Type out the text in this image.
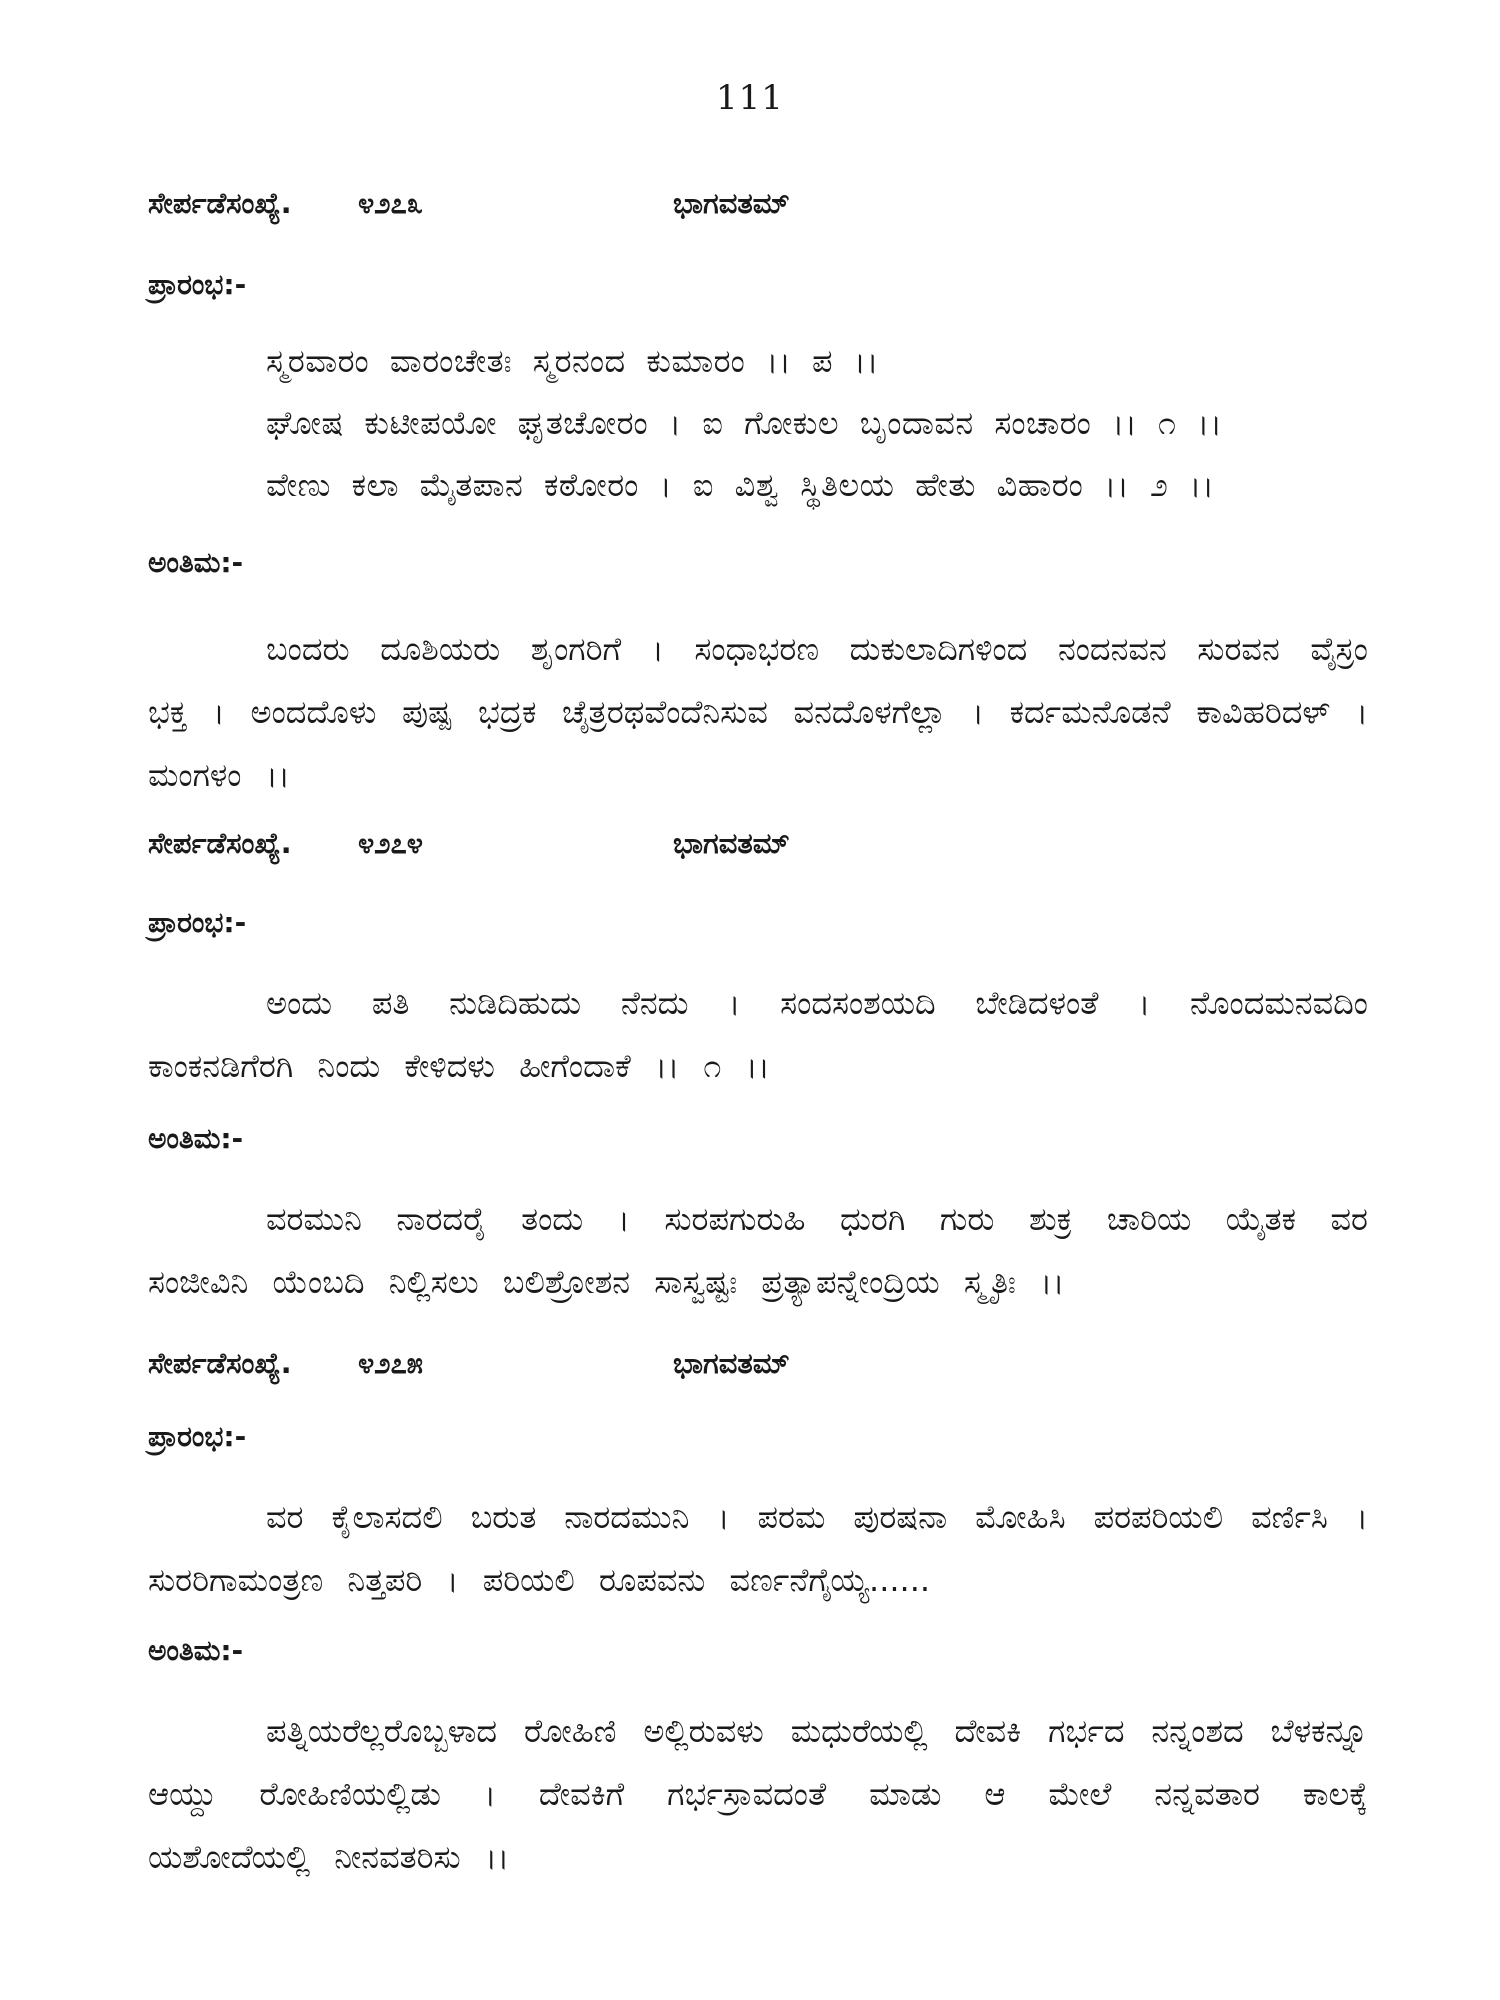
111
ಸೇರ್ಪಡೆಸಂಖ್ಯೆ. ೪೨೭೩	ಭಾಗವತಮ್
ಪ್ರಾರಂಭ:-
ಸ್ಮರವಾರಂ ವಾರಂಚೇತಃ ಸ್ಮರನಂದ ಕುಮಾರಂ ।। ಪ ।।
ಘೋಷ ಕುಟೀಪಯೋ ಘೃತಚೋರಂ । ಐ ಗೋಕುಲ ಬೃಂದಾವನ ಸಂಚಾರಂ ।। ೧ ।।
ವೇಣು ಕಲಾ ಮೈತಪಾನ ಕಠೋರಂ । ಐ ವಿಶ್ವ ಸ್ಥಿತಿಲಯ ಹೇತು ವಿಹಾರಂ ।। ೨ ।।
ಅಂತಿಮ:-

ಬಂದರು ದೂಶಿಯರು ಶೃಂಗರಿಗೆ । ಸಂಧಾಭರಣ ದುಕುಲಾದಿಗಳಿಂದ ನಂದನವನ ಸುರವನ ವೈಸ್ರಂ ಭಕ್ತ । ಅಂದದೊಳು ಪುಷ್ಪ ಭದ್ರಕ ಚೈತ್ರರಥವೆಂದೆನಿಸುವ ವನದೊಳಗೆಲ್ಲಾ । ಕರ್ದಮನೊಡನೆ ಕಾವಿಹರಿದಳ್ । ಮಂಗಳಂ ।।

ಸೇರ್ಪಡೆಸಂಖ್ಯೆ. ೪೨೭೪	ಭಾಗವತಮ್
ಪ್ರಾರಂಭ:-

ಅಂದು ಪತಿ ನುಡಿದಿಹುದು ನೆನದು । ಸಂದಸಂಶಯದಿ ಬೇಡಿದಳಂತೆ । ನೊಂದಮನವದಿಂ ಕಾಂಕನಡಿಗೆರಗಿ ನಿಂದು ಕೇಳಿದಳು ಹೀಗೆಂದಾಕೆ ।। ೧ ।।

ಅಂತಿಮ:-

ವರಮುನಿ ನಾರದರೈ ತಂದು । ಸುರಪಗುರುಹಿ ಧುರಗಿ ಗುರು ಶುಕ್ರ ಚಾರಿಯ ಯೈತಕ ವರ ಸಂಜೀವಿನಿ ಯೆಂಬದಿ ನಿಲ್ಲಿಸಲು ಬಲಿಶ್ರೋಶನ ಸಾಸ್ವಷ್ಟಃ ಪ್ರತ್ಯಾಪನ್ನೇಂದ್ರಿಯ ಸ್ಮೃತಿಃ ।।

ಸೇರ್ಪಡೆಸಂಖ್ಯೆ. ೪೨೭೫	ಭಾಗವತಮ್
ಪ್ರಾರಂಭ:-

ವರ ಕೈಲಾಸದಲಿ ಬರುತ ನಾರದಮುನಿ । ಪರಮ ಪುರಷನಾ ಮೋಹಿಸಿ ಪರಪರಿಯಲಿ ವರ್ಣಿಸಿ । ಸುರರಿಗಾಮಂತ್ರಣ ನಿತ್ತಪರಿ । ಪರಿಯಲಿ ರೂಪವನು ವರ್ಣನೆಗೈಯ್ಯ......

ಅಂತಿಮ:-

ಪತ್ನಿಯರೆಲ್ಲರೊಬ್ಬಳಾದ ರೋಹಿಣಿ ಅಲ್ಲಿರುವಳು ಮಧುರೆಯಲ್ಲಿ ದೇವಕಿ ಗರ್ಭದ ನನ್ನಂಶದ ಬೆಳಕನ್ನೂ ಆಯ್ದು ರೋಹಿಣಿಯಲ್ಲಿಡು । ದೇವಕಿಗೆ ಗರ್ಭಸ್ರಾವದಂತೆ ಮಾಡು ಆ ಮೇಲೆ ನನ್ನವತಾರ ಕಾಲಕ್ಕೆ ಯಶೋದೆಯಲ್ಲಿ ನೀನವತರಿಸು ।।
